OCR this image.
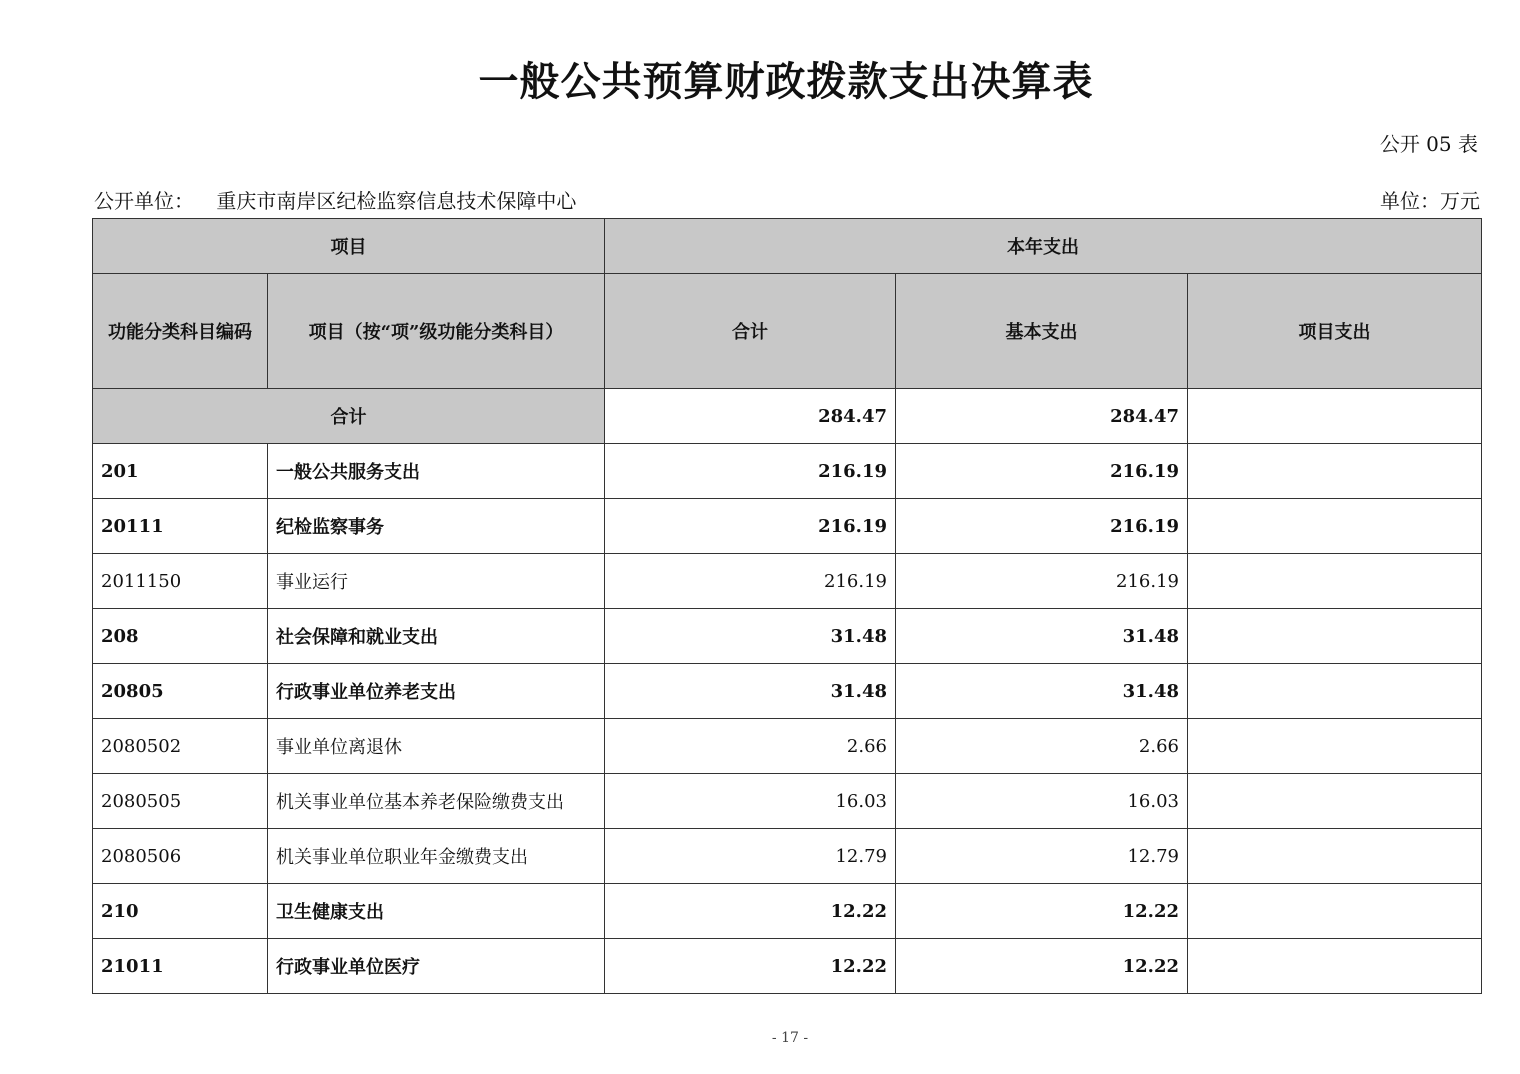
一般公共预算财政拨款支出决算表
公开 05 表
公开单位： 重庆市南岸区纪检监察信息技术保障中心	单位：万元
项目		本年支出		
功能分类科目编码	项目（按“项”级功能分类科目）	合计	基本支出	项目支出
合计		284.47	284.47	
201	一般公共服务支出	216.19	216.19	
20111	纪检监察事务	216.19	216.19	
2011150	事业运行	216.19	216.19	
208	社会保障和就业支出	31.48	31.48	
20805	行政事业单位养老支出	31.48	31.48	
2080502	事业单位离退休	2.66	2.66	
2080505	机关事业单位基本养老保险缴费支出	16.03	16.03	
2080506	机关事业单位职业年金缴费支出	12.79	12.79	
210	卫生健康支出	12.22	12.22	
21011	行政事业单位医疗	12.22	12.22	
- 17 -
